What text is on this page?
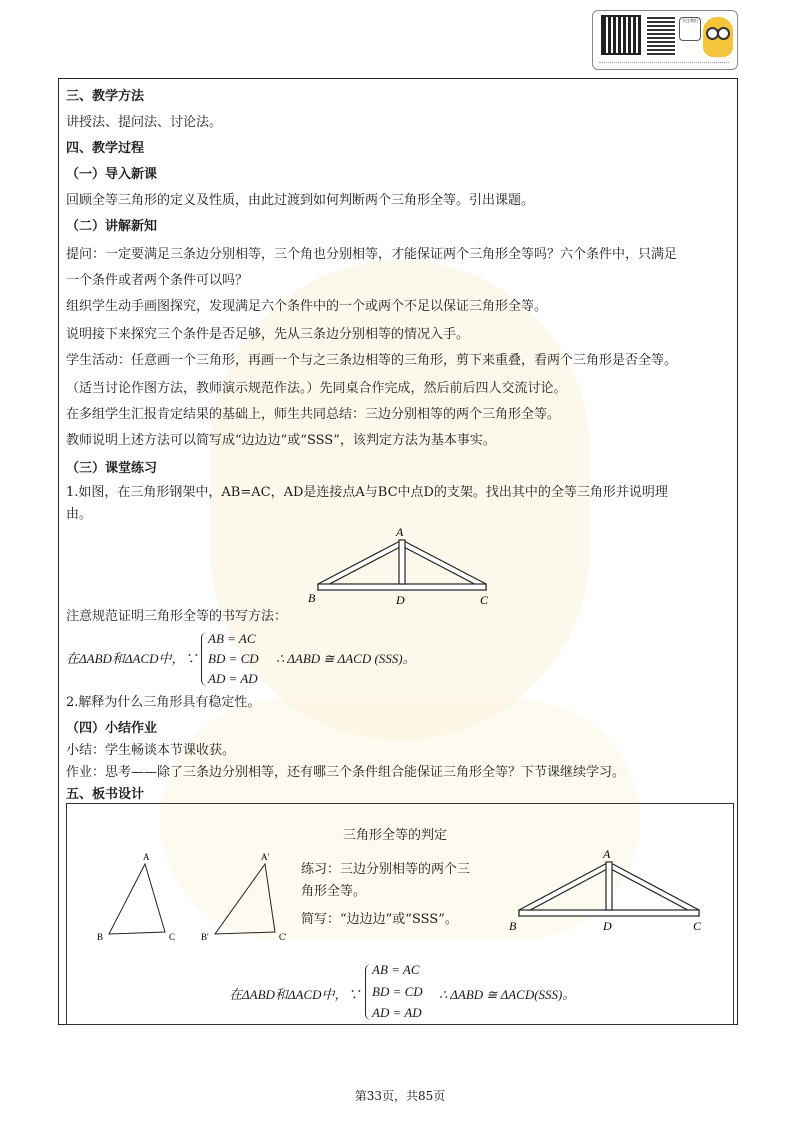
关注我们
三、教学方法
讲授法、提问法、讨论法。
四、教学过程
（一）导入新课
回顾全等三角形的定义及性质，由此过渡到如何判断两个三角形全等。引出课题。
（二）讲解新知
提问：一定要满足三条边分别相等，三个角也分别相等，才能保证两个三角形全等吗？六个条件中，只满足
一个条件或者两个条件可以吗？
组织学生动手画图探究，发现满足六个条件中的一个或两个不足以保证三角形全等。
说明接下来探究三个条件是否足够，先从三条边分别相等的情况入手。
学生活动：任意画一个三角形，再画一个与之三条边相等的三角形，剪下来重叠，看两个三角形是否全等。
（适当讨论作图方法，教师演示规范作法。）先同桌合作完成，然后前后四人交流讨论。
在多组学生汇报肯定结果的基础上，师生共同总结：三边分别相等的两个三角形全等。
教师说明上述方法可以简写成“边边边”或“SSS”，该判定方法为基本事实。
（三）课堂练习
1.如图，在三角形钢架中，AB=AC，AD是连接点A与BC中点D的支架。找出其中的全等三角形并说明理
由。
A
B	D	C
注意规范证明三角形全等的书写方法：
在ΔABD和ΔACD中，∵
AB = AC
BD = CD
AD = AD
∴ ΔABD ≅ ΔACD (SSS)。
2.解释为什么三角形具有稳定性。
（四）小结作业
小结：学生畅谈本节课收获。
作业：思考——除了三条边分别相等，还有哪三个条件组合能保证三角形全等？下节课继续学习。
五、板书设计
三角形全等的判定
A
B	C
A'
B'	C'
练习：三边分别相等的两个三
角形全等。
简写：“边边边”或“SSS”。
A
B	D	C
在ΔABD和ΔACD中，∵
AB = AC
BD = CD
AD = AD
∴ ΔABD ≅ ΔACD(SSS)。
第33页，共85页
